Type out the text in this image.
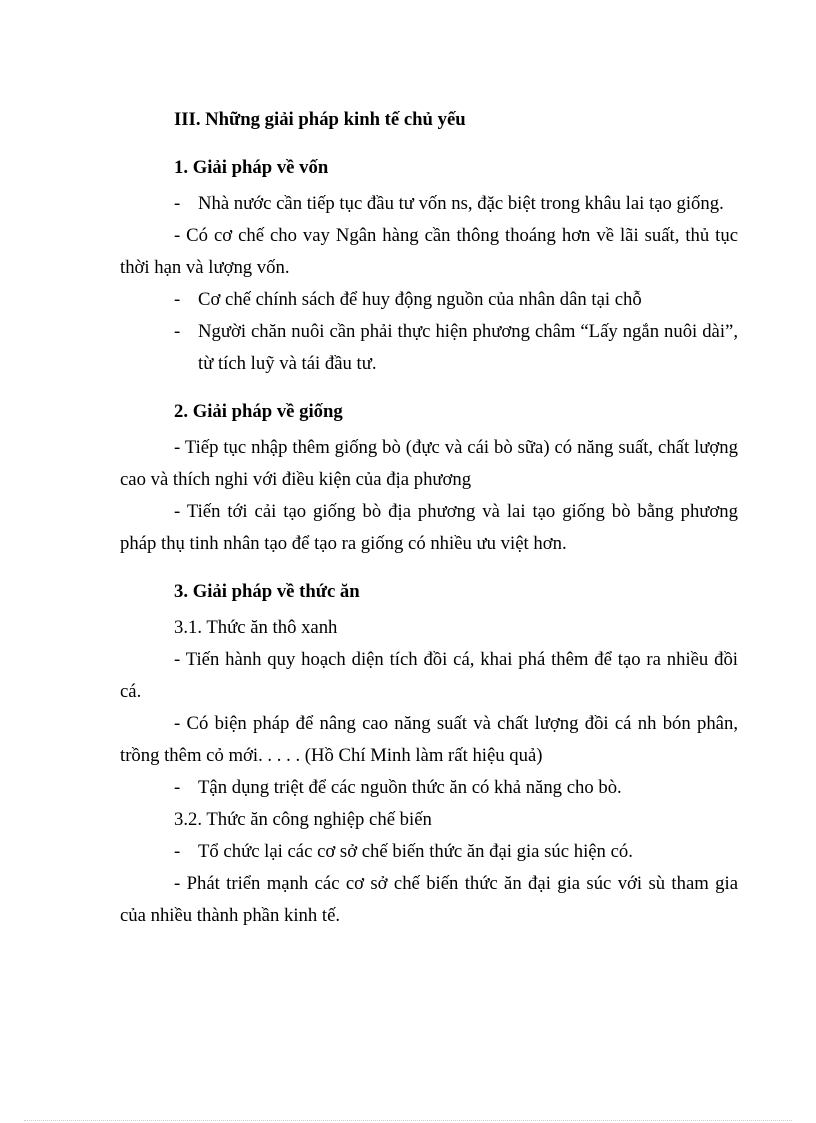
III. Những giải pháp kinh tế chủ yếu

1. Giải pháp về vốn

- Nhà nước cần tiếp tục đầu tư vốn ns, đặc biệt trong khâu lai tạo giống.

- Có cơ chế cho vay Ngân hàng cần thông thoáng hơn về lãi suất, thủ tục thời hạn và lượng vốn.

- Cơ chế chính sách để huy động nguồn của nhân dân tại chỗ

- Người chăn nuôi cần phải thực hiện phương châm “Lấy ngắn nuôi dài”, từ tích luỹ và tái đầu tư.

2. Giải pháp về giống

- Tiếp tục nhập thêm giống bò (đực và cái bò sữa) có năng suất, chất lượng cao và thích nghi với điều kiện của địa phương

- Tiến tới cải tạo giống bò địa phương và lai tạo giống bò bằng phương pháp thụ tinh nhân tạo để tạo ra giống có nhiều ưu việt hơn.

3. Giải pháp về thức ăn

3.1. Thức ăn thô xanh

- Tiến hành quy hoạch diện tích đồi cá, khai phá thêm để tạo ra nhiều đồi cá.

- Có biện pháp để nâng cao năng suất và chất lượng đồi cá nh bón phân, trồng thêm cỏ mới. . . . . (Hồ Chí Minh làm rất hiệu quả)

- Tận dụng triệt để các nguồn thức ăn có khả năng cho bò.

3.2. Thức ăn công nghiệp chế biến

- Tổ chức lại các cơ sở chế biến thức ăn đại gia súc hiện có.

- Phát triển mạnh các cơ sở chế biến thức ăn đại gia súc với sù tham gia của nhiều thành phần kinh tế.
